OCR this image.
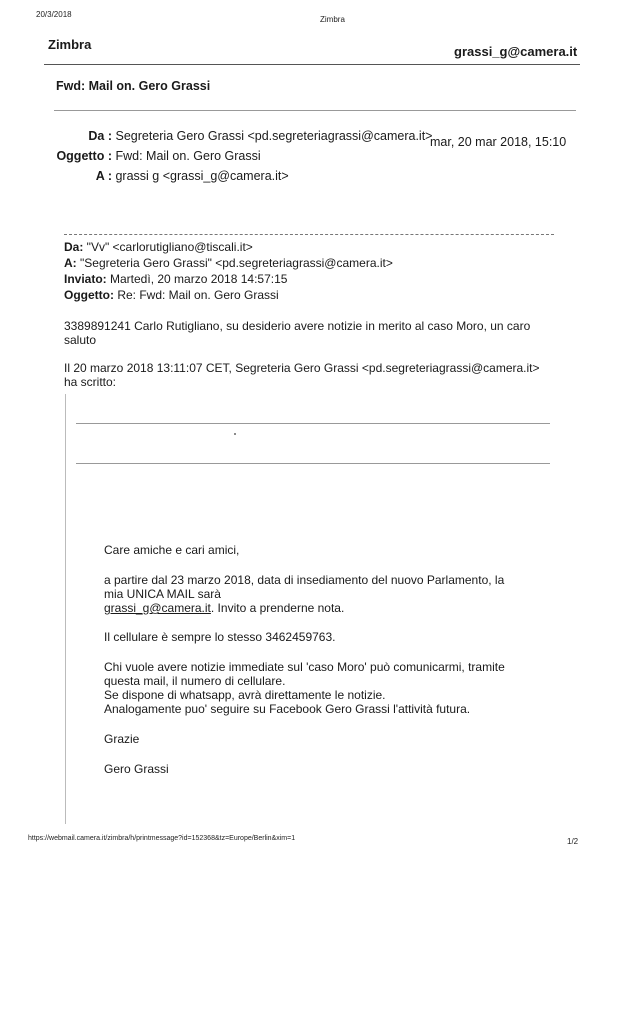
20/3/2018
Zimbra
Zimbra	grassi_g@camera.it
Fwd: Mail on. Gero Grassi
Da : Segreteria Gero Grassi <pd.segreteriagrassi@camera.it>
mar, 20 mar 2018, 15:10
Oggetto : Fwd: Mail on. Gero Grassi
A : grassi g <grassi_g@camera.it>
Da: "Vv" <carlorutigliano@tiscali.it>
A: "Segreteria Gero Grassi" <pd.segreteriagrassi@camera.it>
Inviato: Martedì, 20 marzo 2018 14:57:15
Oggetto: Re: Fwd: Mail on. Gero Grassi
3389891241 Carlo Rutigliano, su desiderio avere notizie in merito al caso Moro, un caro
saluto
Il 20 marzo 2018 13:11:07 CET, Segreteria Gero Grassi <pd.segreteriagrassi@camera.it>
ha scritto:
Care amiche e cari amici,
a partire dal 23 marzo 2018, data di insediamento del nuovo Parlamento, la
mia UNICA MAIL sarà
grassi_g@camera.it. Invito a prenderne nota.
Il cellulare è sempre lo stesso 3462459763.
Chi vuole avere notizie immediate sul 'caso Moro' può comunicarmi, tramite
questa mail, il numero di cellulare.
Se dispone di whatsapp, avrà direttamente le notizie.
Analogamente puo' seguire su Facebook Gero Grassi l'attività futura.
Grazie
Gero Grassi
https://webmail.camera.it/zimbra/h/printmessage?id=152368&tz=Europe/Berlin&xim=1	1/2
